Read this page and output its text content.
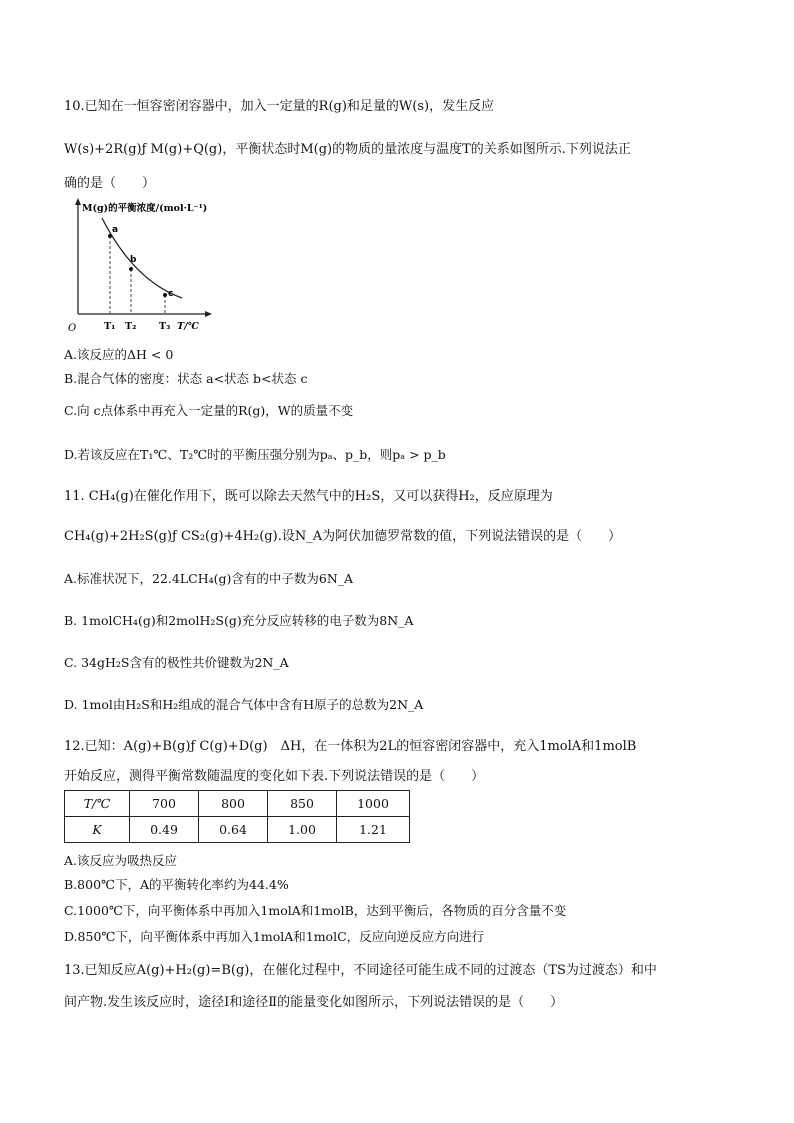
10.已知在一恒容密闭容器中，加入一定量的R(g)和足量的W(s)，发生反应
W(s)+2R(g)ƒ M(g)+Q(g)，平衡状态时M(g)的物质的量浓度与温度T的关系如图所示.下列说法正
确的是（　　）
M(g)的平衡浓度/(mol·L⁻¹)
O
a
b
c
T₁ T₂ T₃ T/℃
A.该反应的ΔH < 0
B.混合气体的密度：状态 a<状态 b<状态 c
C.向 c点体系中再充入一定量的R(g)，W的质量不变
D.若该反应在T₁℃、T₂℃时的平衡压强分别为pₐ、p_b，则pₐ > p_b
11. CH₄(g)在催化作用下，既可以除去天然气中的H₂S，又可以获得H₂，反应原理为
CH₄(g)+2H₂S(g)ƒ CS₂(g)+4H₂(g).设N_A为阿伏加德罗常数的值，下列说法错误的是（　　）
A.标准状况下，22.4LCH₄(g)含有的中子数为6N_A
B. 1molCH₄(g)和2molH₂S(g)充分反应转移的电子数为8N_A
C. 34gH₂S含有的极性共价键数为2N_A
D. 1mol由H₂S和H₂组成的混合气体中含有H原子的总数为2N_A
12.已知：A(g)+B(g)ƒ C(g)+D(g)　ΔH，在一体积为2L的恒容密闭容器中，充入1molA和1molB
开始反应，测得平衡常数随温度的变化如下表.下列说法错误的是（　　）
T/℃	700	800	850	1000
K	0.49	0.64	1.00	1.21
A.该反应为吸热反应
B.800℃下，A的平衡转化率约为44.4%
C.1000℃下，向平衡体系中再加入1molA和1molB，达到平衡后，各物质的百分含量不变
D.850℃下，向平衡体系中再加入1molA和1molC，反应向逆反应方向进行
13.已知反应A(g)+H₂(g)=B(g)，在催化过程中，不同途径可能生成不同的过渡态（TS为过渡态）和中
间产物.发生该反应时，途径Ⅰ和途径Ⅱ的能量变化如图所示，下列说法错误的是（　　）
